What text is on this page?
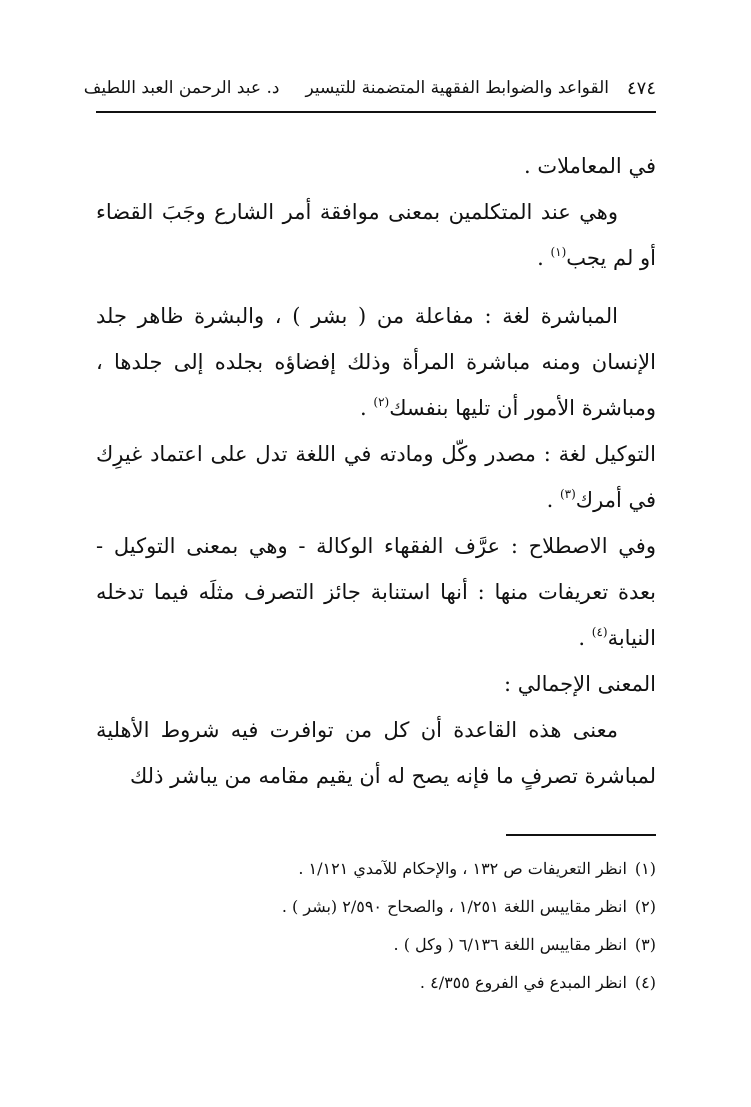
٤٧٤
القواعد والضوابط الفقهية المتضمنة للتيسير
د. عبد الرحمن العبد اللطيف

في المعاملات .

وهي عند المتكلمين بمعنى موافقة أمر الشارع وجَبَ القضاء أو لم يجب$^{(١)}$ .

المباشرة لغة : مفاعلة من ( بشر ) ، والبشرة ظاهر جلد الإنسان ومنه مباشرة المرأة وذلك إفضاؤه بجلده إلى جلدها ، ومباشرة الأمور أن تليها بنفسك$^{(٢)}$ .

التوكيل لغة : مصدر وكّل ومادته في اللغة تدل على اعتماد غيرِك في أمرك$^{(٣)}$ .

وفي الاصطلاح : عرَّف الفقهاء الوكالة - وهي بمعنى التوكيل - بعدة تعريفات منها : أنها استنابة جائز التصرف مثلَه فيما تدخله النيابة$^{(٤)}$ .

المعنى الإجمالي :

معنى هذه القاعدة أن كل من توافرت فيه شروط الأهلية لمباشرة تصرفٍ ما فإنه يصح له أن يقيم مقامه من يباشر ذلك

(١)انظر التعريفات ص ١٣٢ ، والإحكام للآمدي ١/١٢١ .
(٢)انظر مقاييس اللغة ١/٢٥١ ، والصحاح ٢/٥٩٠ (بشر ) .
(٣)انظر مقاييس اللغة ٦/١٣٦ ( وكل ) .
(٤)انظر المبدع في الفروع ٤/٣٥٥ .
